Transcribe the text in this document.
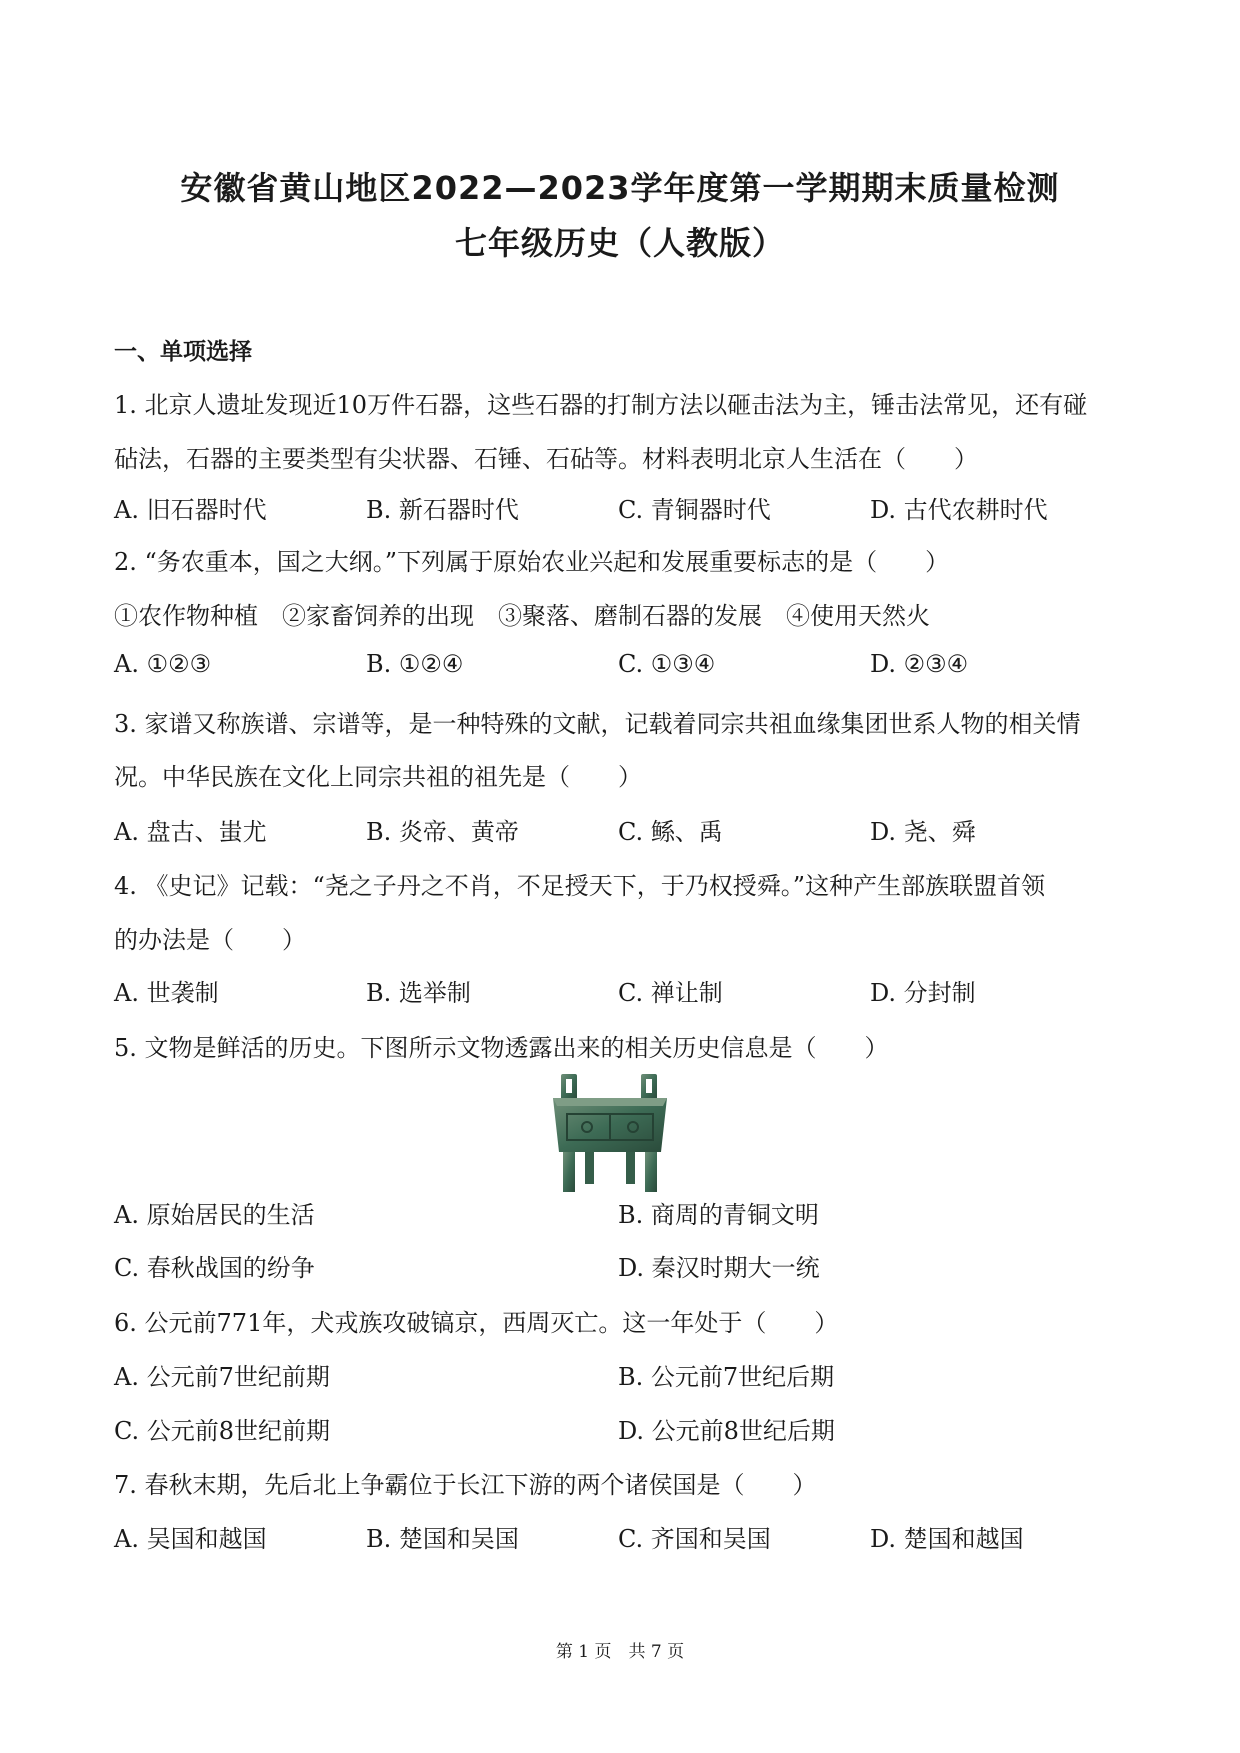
安徽省黄山地区2022—2023学年度第一学期期末质量检测
七年级历史（人教版）
一、单项选择
1. 北京人遗址发现近10万件石器，这些石器的打制方法以砸击法为主，锤击法常见，还有碰
砧法，石器的主要类型有尖状器、石锤、石砧等。材料表明北京人生活在（　　）
A. 旧石器时代	B. 新石器时代	C. 青铜器时代	D. 古代农耕时代
2. “务农重本，国之大纲。”下列属于原始农业兴起和发展重要标志的是（　　）
①农作物种植　②家畜饲养的出现　③聚落、磨制石器的发展　④使用天然火
A. ①②③	B. ①②④	C. ①③④	D. ②③④
3. 家谱又称族谱、宗谱等，是一种特殊的文献，记载着同宗共祖血缘集团世系人物的相关情
况。中华民族在文化上同宗共祖的祖先是（　　）
A. 盘古、蚩尤	B. 炎帝、黄帝	C. 鲧、禹	D. 尧、舜
4. 《史记》记载：“尧之子丹之不肖，不足授天下，于乃权授舜。”这种产生部族联盟首领
的办法是（　　）
A. 世袭制	B. 选举制	C. 禅让制	D. 分封制
5. 文物是鲜活的历史。下图所示文物透露出来的相关历史信息是（　　）
A. 原始居民的生活	B. 商周的青铜文明
C. 春秋战国的纷争	D. 秦汉时期大一统
6. 公元前771年，犬戎族攻破镐京，西周灭亡。这一年处于（　　）
A. 公元前7世纪前期	B. 公元前7世纪后期
C. 公元前8世纪前期	D. 公元前8世纪后期
7. 春秋末期，先后北上争霸位于长江下游的两个诸侯国是（　　）
A. 吴国和越国	B. 楚国和吴国	C. 齐国和吴国	D. 楚国和越国
第 1 页　共 7 页
